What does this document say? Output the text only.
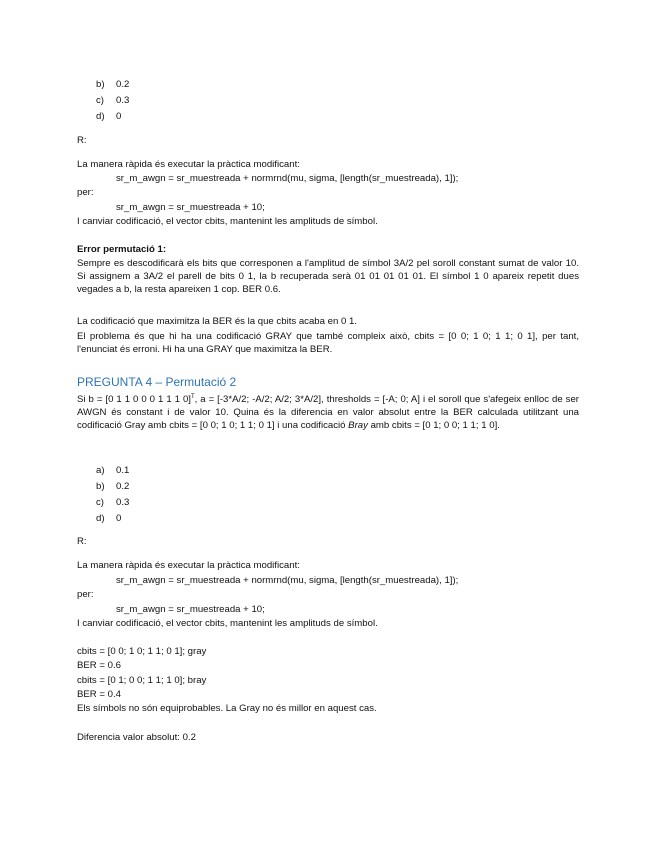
b) 0.2
c) 0.3
d) 0
R:
La manera ràpida és executar la pràctica modificant:
sr_m_awgn = sr_muestreada + normrnd(mu, sigma, [length(sr_muestreada), 1]);
per:
sr_m_awgn = sr_muestreada + 10;
I canviar codificació, el vector cbits, mantenint les amplituds de símbol.
Error permutació 1:
Sempre es descodificarà els bits que corresponen a l'amplitud de símbol 3A/2 pel soroll constant sumat de valor 10. Si assignem a 3A/2 el parell de bits 0 1, la b recuperada serà 01 01 01 01 01. El símbol 1 0 apareix repetit dues vegades a b, la resta apareixen 1 cop. BER 0.6.
La codificació que maximitza la BER és la que cbits acaba en 0 1.
El problema és que hi ha una codificació GRAY que també compleix això, cbits = [0 0; 1 0; 1 1; 0 1], per tant, l'enunciat és erroni. Hi ha una GRAY que maximitza la BER.
PREGUNTA 4 – Permutació 2
Si b = [0 1 1 0 0 0 1 1 1 0]$^T$, a = [-3*A/2; -A/2; A/2; 3*A/2], thresholds = [-A; 0; A] i el soroll que s'afegeix enlloc de ser AWGN és constant i de valor 10. Quina és la diferencia en valor absolut entre la BER calculada utilitzant una codificació Gray amb cbits = [0 0; 1 0; 1 1; 0 1] i una codificació Bray amb cbits = [0 1; 0 0; 1 1; 1 0].
a) 0.1
b) 0.2
c) 0.3
d) 0
R:
La manera ràpida és executar la pràctica modificant:
sr_m_awgn = sr_muestreada + normrnd(mu, sigma, [length(sr_muestreada), 1]);
per:
sr_m_awgn = sr_muestreada + 10;
I canviar codificació, el vector cbits, mantenint les amplituds de símbol.
cbits = [0 0; 1 0; 1 1; 0 1]; gray
BER = 0.6
cbits = [0 1; 0 0; 1 1; 1 0]; bray
BER = 0.4
Els símbols no són equiprobables. La Gray no és millor en aquest cas.
Diferencia valor absolut: 0.2
